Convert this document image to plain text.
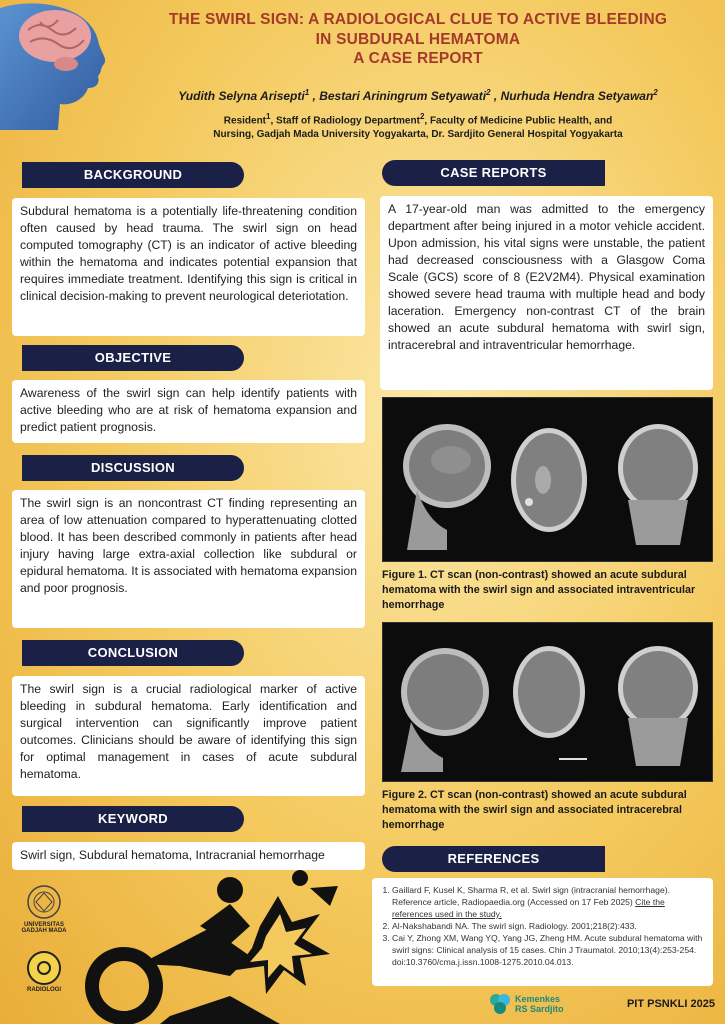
THE SWIRL SIGN: A RADIOLOGICAL CLUE TO ACTIVE BLEEDING
IN SUBDURAL HEMATOMA
A CASE REPORT
Yudith Selyna Arisepti$^1$ , Bestari Ariningrum Setyawati$^2$ , Nurhuda Hendra Setyawan$^2$
Resident$^1$, Staff of Radiology Department$^2$, Faculty of Medicine Public Health, and
Nursing, Gadjah Mada University Yogyakarta, Dr. Sardjito General Hospital Yogyakarta
BACKGROUND
Subdural hematoma is a potentially life-threatening condition often caused by head trauma. The swirl sign on head computed tomography (CT) is an indicator of active bleeding within the hematoma and indicates potential expansion that requires immediate treatment. Identifying this sign is critical in clinical decision-making to prevent neurological deteriotation.
OBJECTIVE
Awareness of the swirl sign can help identify patients with active bleeding who are at risk of hematoma expansion and predict patient prognosis.
DISCUSSION
The swirl sign is an noncontrast CT finding representing an area of low attenuation compared to hyperattenuating clotted blood. It has been described commonly in patients after head injury having large extra-axial collection like subdural or epidural hematoma. It is associated with hematoma expansion and poor prognosis.
CONCLUSION
The swirl sign is a crucial radiological marker of active bleeding in subdural hematoma. Early identification and surgical intervention can significantly improve patient outcomes. Clinicians should be aware of identifying this sign for optimal management in cases of acute subdural hematoma.
KEYWORD
Swirl sign, Subdural hematoma, Intracranial hemorrhage
UNIVERSITAS
GADJAH MADA
RADIOLOGI
CASE REPORTS
A 17-year-old man was admitted to the emergency department after being injured in a motor vehicle accident. Upon admission, his vital signs were unstable, the patient had decreased consciousness with a Glasgow Coma Scale (GCS) score of 8 (E2V2M4). Physical examination showed severe head trauma with multiple head and body laceration. Emergency non-contrast CT of the brain showed an acute subdural hematoma with swirl sign, intracerebral and intraventricular hemorrhage.
Figure 1. CT scan (non-contrast) showed an acute subdural hematoma with the swirl sign and associated intraventricular hemorrhage
Figure 2. CT scan (non-contrast) showed an acute subdural hematoma with the swirl sign and associated intracerebral hemorrhage
REFERENCES
1. Gaillard F, Kusel K, Sharma R, et al. Swirl sign (intracranial hemorrhage). Reference article, Radiopaedia.org (Accessed on 17 Feb 2025) Cite the references used in the study.
2. Al-Nakshabandi NA. The swirl sign. Radiology. 2001;218(2):433.
3. Cai Y, Zhong XM, Wang YQ, Yang JG, Zheng HM. Acute subdural hematoma with swirl signs: Clinical analysis of 15 cases. Chin J Traumatol. 2010;13(4):253-254. doi:10.3760/cma.j.issn.1008-1275.2010.04.013.
Kemenkes
RS Sardjito	PIT PSNKLI 2025
